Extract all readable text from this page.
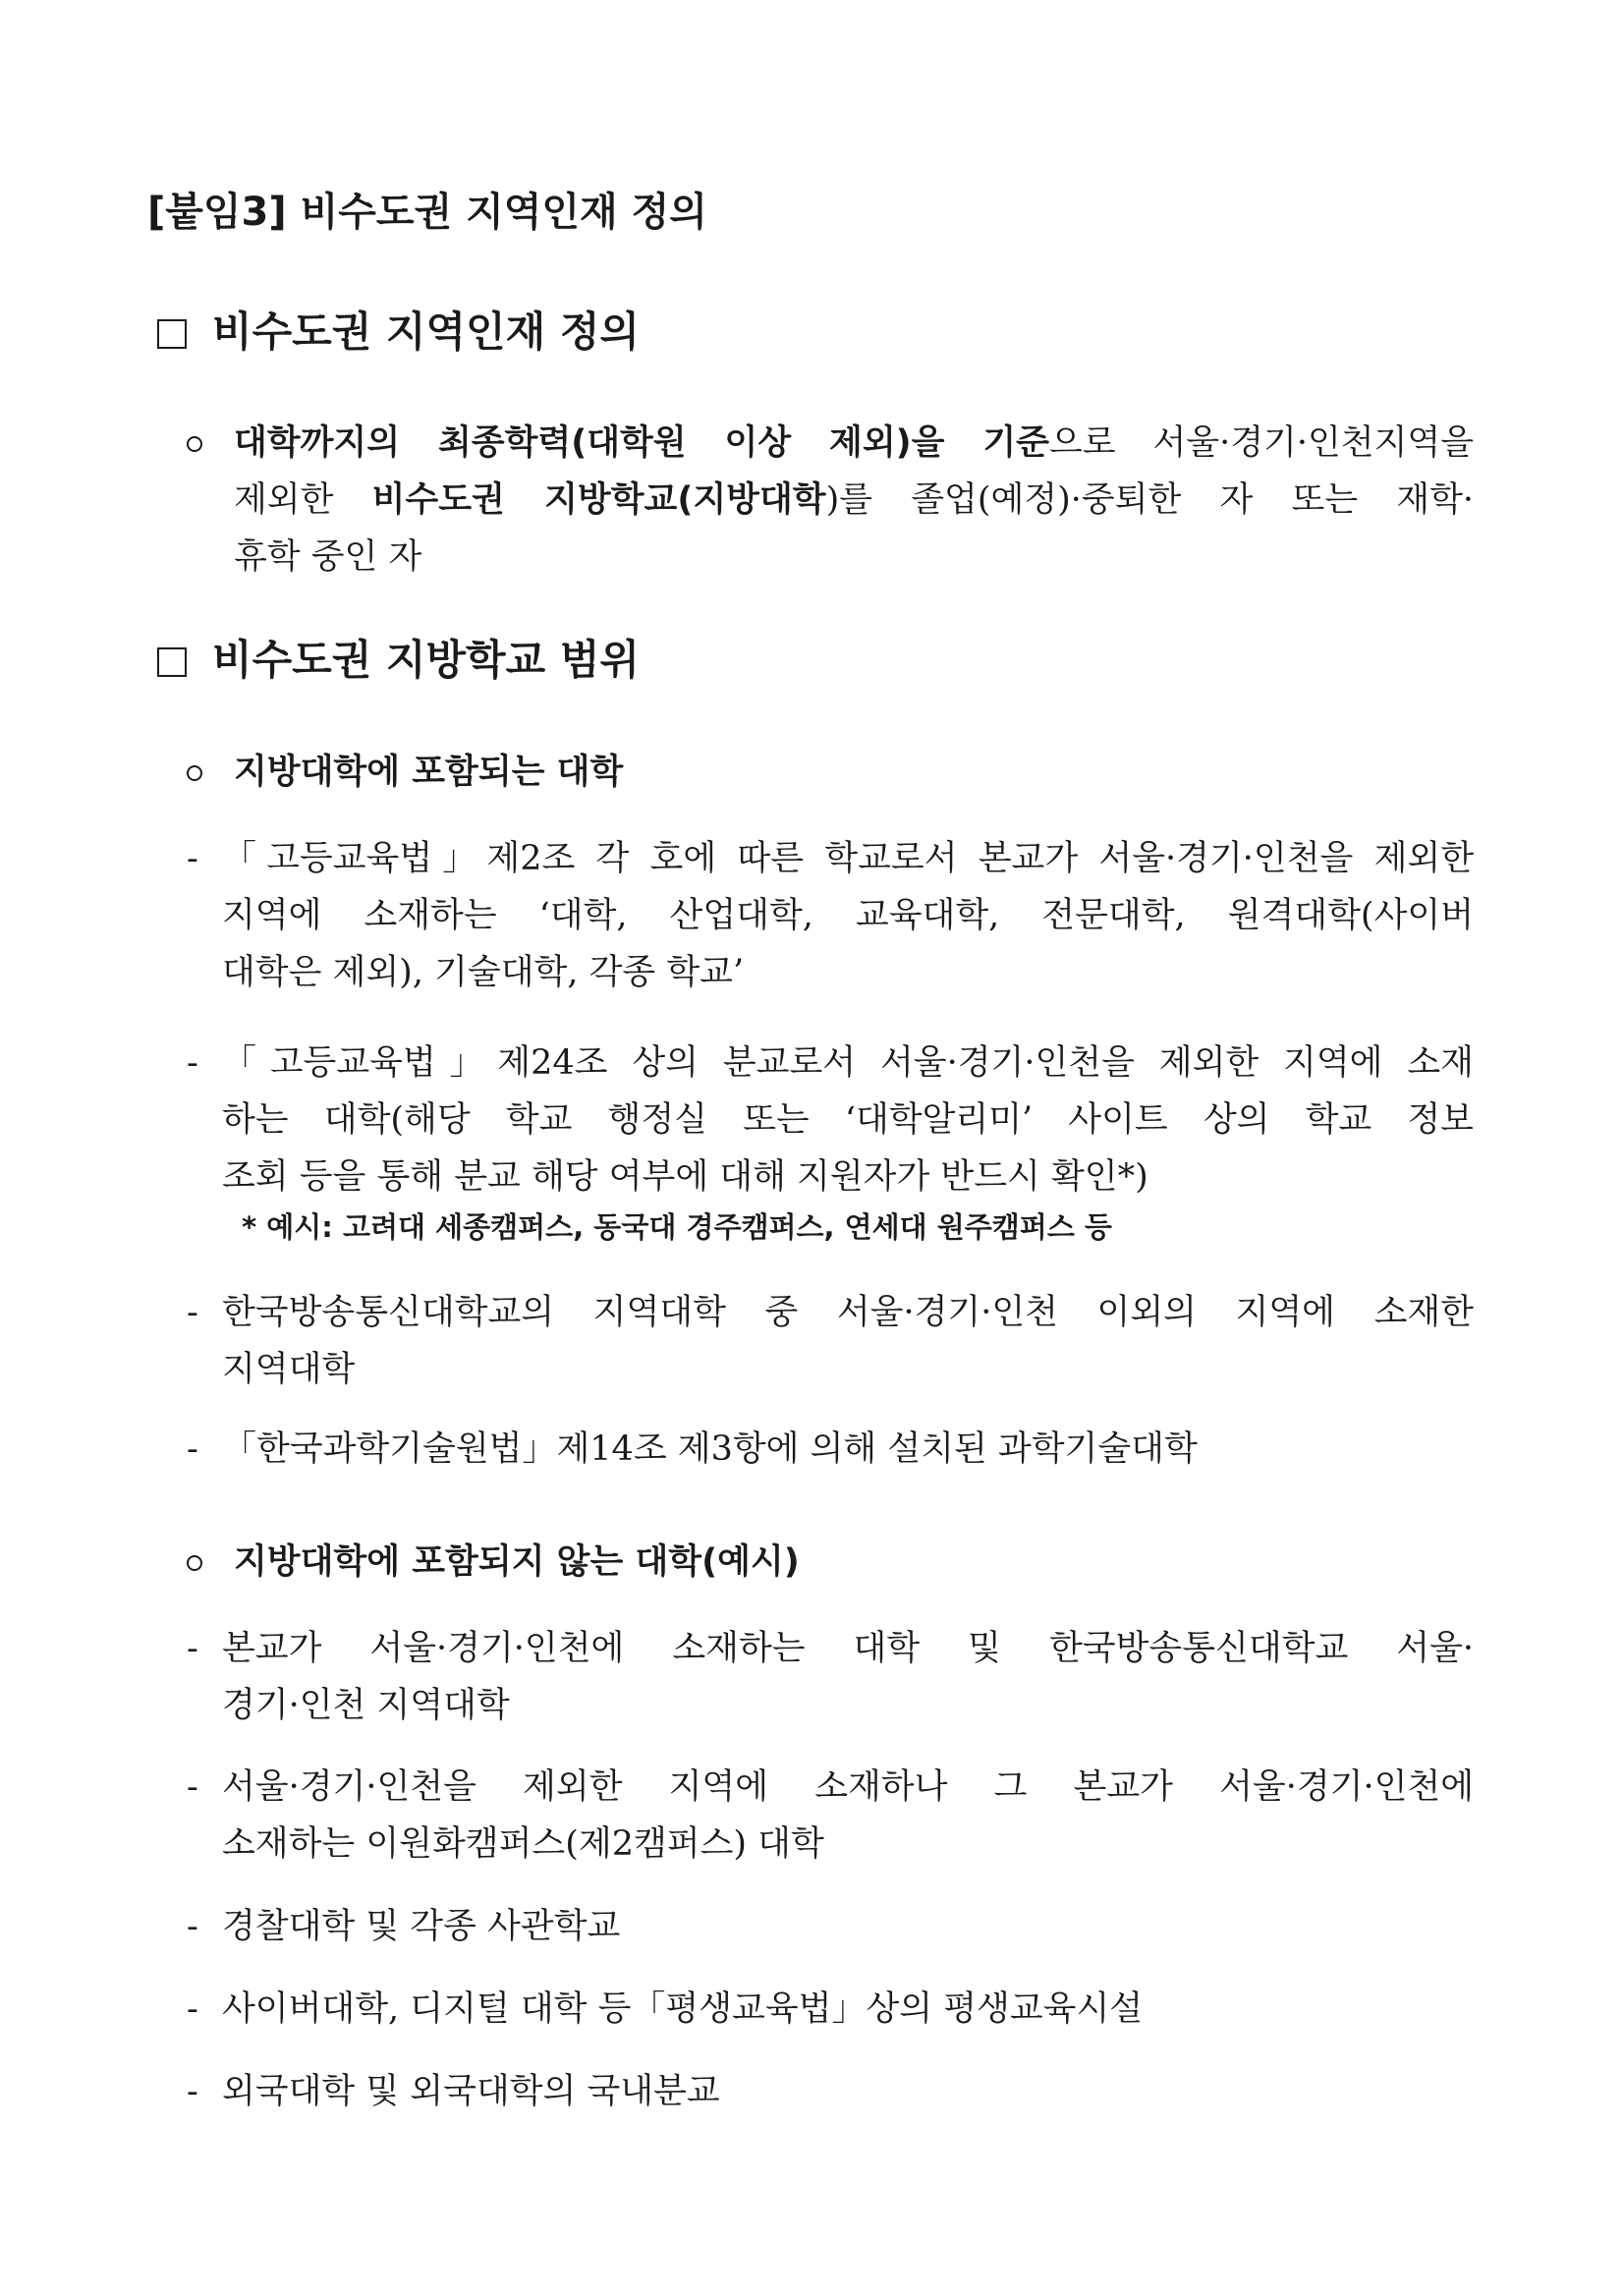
[붙임3] 비수도권 지역인재 정의
비수도권 지역인재 정의
대학까지의 최종학력(대학원 이상 제외)을 기준으로 서울·경기·인천지역을
제외한 비수도권 지방학교(지방대학)를 졸업(예정)·중퇴한 자 또는 재학·
휴학 중인 자
비수도권 지방학교 범위
지방대학에 포함되는 대학
- 「고등교육법」제2조 각 호에 따른 학교로서 본교가 서울·경기·인천을 제외한
지역에 소재하는 ‘대학, 산업대학, 교육대학, 전문대학, 원격대학(사이버
대학은 제외), 기술대학, 각종 학교’
- 「고등교육법」제24조 상의 분교로서 서울·경기·인천을 제외한 지역에 소재
하는 대학(해당 학교 행정실 또는 ‘대학알리미’ 사이트 상의 학교 정보
조회 등을 통해 분교 해당 여부에 대해 지원자가 반드시 확인*)
* 예시: 고려대 세종캠퍼스, 동국대 경주캠퍼스, 연세대 원주캠퍼스 등
- 한국방송통신대학교의 지역대학 중 서울·경기·인천 이외의 지역에 소재한
지역대학
- 「한국과학기술원법」제14조 제3항에 의해 설치된 과학기술대학
지방대학에 포함되지 않는 대학(예시)
- 본교가 서울·경기·인천에 소재하는 대학 및 한국방송통신대학교 서울·
경기·인천 지역대학
- 서울·경기·인천을 제외한 지역에 소재하나 그 본교가 서울·경기·인천에
소재하는 이원화캠퍼스(제2캠퍼스) 대학
- 경찰대학 및 각종 사관학교
- 사이버대학, 디지털 대학 등「평생교육법」상의 평생교육시설
- 외국대학 및 외국대학의 국내분교
